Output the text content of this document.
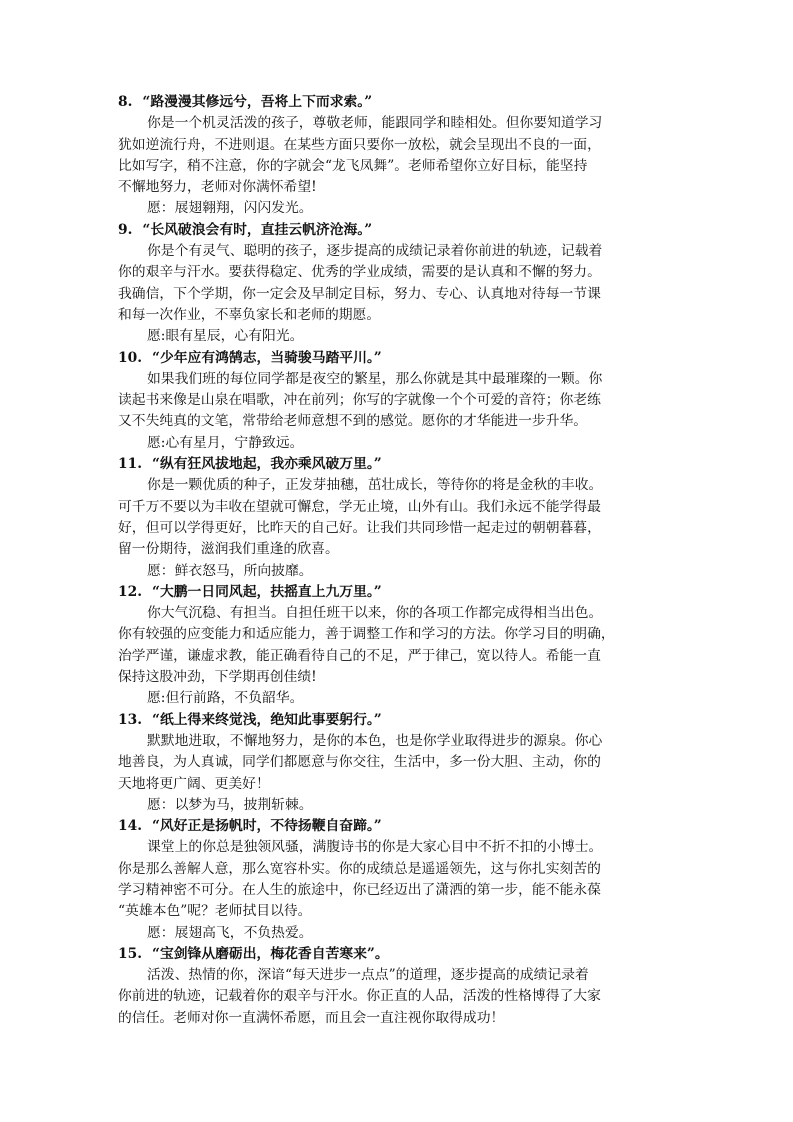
8. “路漫漫其修远兮，吾将上下而求索。”
你是一个机灵活泼的孩子，尊敬老师，能跟同学和睦相处。但你要知道学习
犹如逆流行舟，不进则退。在某些方面只要你一放松，就会呈现出不良的一面，
比如写字，稍不注意，你的字就会“龙飞凤舞”。老师希望你立好目标，能坚持
不懈地努力，老师对你满怀希望!
愿：展翅翱翔，闪闪发光。
9. “长风破浪会有时，直挂云帆济沧海。”
你是个有灵气、聪明的孩子，逐步提高的成绩记录着你前进的轨迹，记载着
你的艰辛与汗水。要获得稳定、优秀的学业成绩，需要的是认真和不懈的努力。
我确信，下个学期，你一定会及早制定目标，努力、专心、认真地对待每一节课
和每一次作业，不辜负家长和老师的期愿。
愿:眼有星辰，心有阳光。
10. “少年应有鸿鹄志，当骑骏马踏平川。”
如果我们班的每位同学都是夜空的繁星，那么你就是其中最璀璨的一颗。你
读起书来像是山泉在唱歌，冲在前列；你写的字就像一个个可爱的音符；你老练
又不失纯真的文笔，常带给老师意想不到的感觉。愿你的才华能进一步升华。
愿:心有星月，宁静致远。
11. “纵有狂风拔地起，我亦乘风破万里。”
你是一颗优质的种子，正发芽抽穗，茁壮成长，等待你的将是金秋的丰收。
可千万不要以为丰收在望就可懈怠，学无止境，山外有山。我们永远不能学得最
好，但可以学得更好，比昨天的自己好。让我们共同珍惜一起走过的朝朝暮暮，
留一份期待，滋润我们重逢的欣喜。
愿：鲜衣怒马，所向披靡。
12. “大鹏一日同风起，扶摇直上九万里。”
你大气沉稳、有担当。自担任班干以来，你的各项工作都完成得相当出色。
你有较强的应变能力和适应能力，善于调整工作和学习的方法。你学习目的明确，
治学严谨，谦虚求教，能正确看待自己的不足，严于律己，宽以待人。希能一直
保持这股冲劲，下学期再创佳绩!
愿:但行前路，不负韶华。
13. “纸上得来终觉浅，绝知此事要躬行。”
默默地进取，不懈地努力，是你的本色，也是你学业取得进步的源泉。你心
地善良，为人真诚，同学们都愿意与你交往，生活中，多一份大胆、主动，你的
天地将更广阔、更美好！
愿：以梦为马，披荆斩棘。
14. “风好正是扬帆时，不待扬鞭自奋蹄。”
课堂上的你总是独领风骚，满腹诗书的你是大家心目中不折不扣的小博士。
你是那么善解人意，那么宽容朴实。你的成绩总是遥遥领先，这与你扎实刻苦的
学习精神密不可分。在人生的旅途中，你已经迈出了潇洒的第一步，能不能永葆
“英雄本色”呢？老师拭目以待。
愿：展翅高飞，不负热爱。
15. “宝剑锋从磨砺出，梅花香自苦寒来”。
活泼、热情的你，深谙“每天进步一点点”的道理，逐步提高的成绩记录着
你前进的轨迹，记载着你的艰辛与汗水。你正直的人品，活泼的性格博得了大家
的信任。老师对你一直满怀希愿，而且会一直注视你取得成功！
